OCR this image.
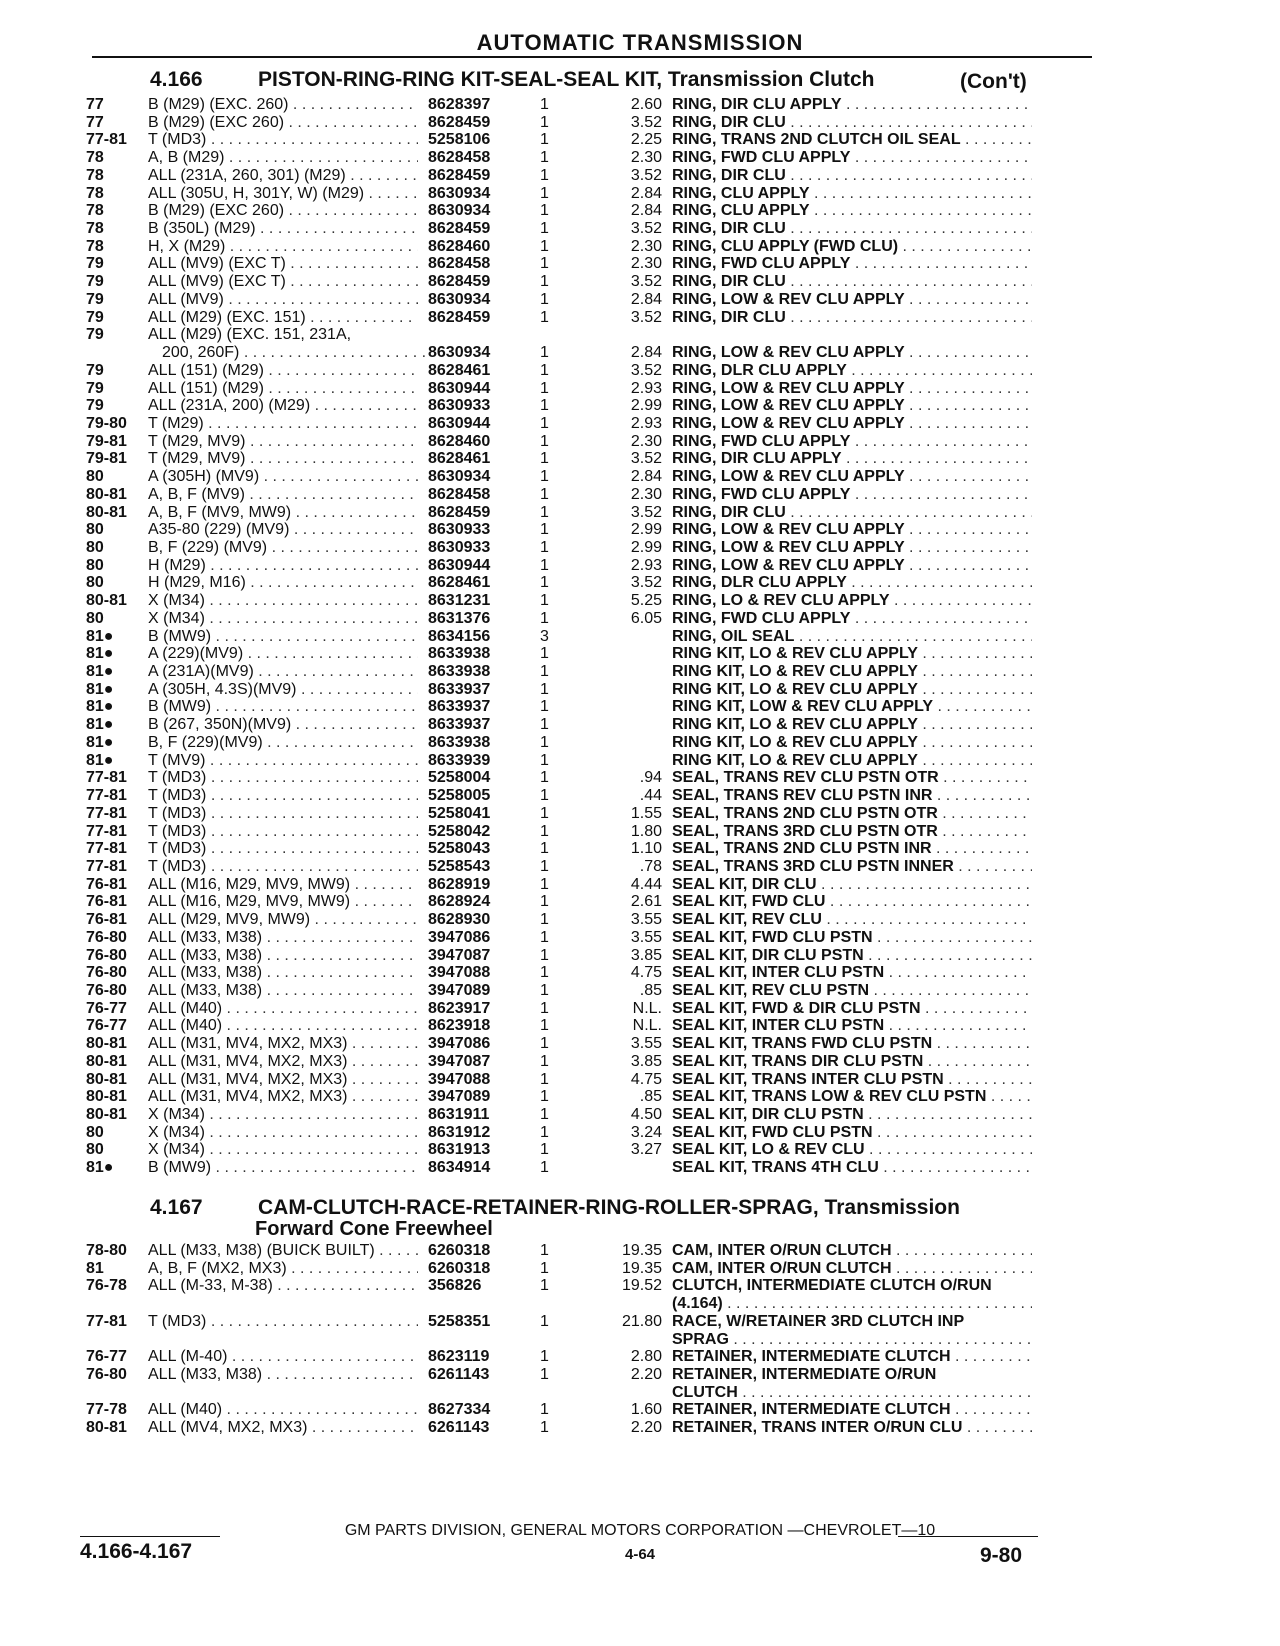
AUTOMATIC TRANSMISSION
4.166	PISTON-RING-RING KIT-SEAL-SEAL KIT, Transmission Clutch	(Con't)
4.167	CAM-CLUTCH-RACE-RETAINER-RING-ROLLER-SPRAG, Transmission
Forward Cone Freewheel
GM PARTS DIVISION, GENERAL MOTORS CORPORATION —CHEVROLET—10
4.166-4.167	4-64	9-80
77	B (M29) (EXC. 260) . . .	8628397	1	2.60 RING, DIR CLU APPLY . . .
77	B (M29) (EXC 260) . . .	8628459	1	3.52 RING, DIR CLU . . .
77-81 T (MD3) . . .	5258106	1	2.25 RING, TRANS 2ND CLUTCH OIL SEAL . . .
78	A, B (M29) . . .	8628458	1	2.30 RING, FWD CLU APPLY . . .
78	ALL (231A, 260, 301) (M29) . . .	8628459	1	3.52 RING, DIR CLU . . .
78	ALL (305U, H, 301Y, W) (M29) . . .	8630934	1	2.84 RING, CLU APPLY . . .
78	B (M29) (EXC 260) . . .	8630934	1	2.84 RING, CLU APPLY . . .
78	B (350L) (M29) . . .	8628459	1	3.52 RING, DIR CLU . . .
78	H, X (M29) . . .	8628460	1	2.30 RING, CLU APPLY (FWD CLU) . . .
79	ALL (MV9) (EXC T) . . .	8628458	1	2.30 RING, FWD CLU APPLY . . .
79	ALL (MV9) (EXC T) . . .	8628459	1	3.52 RING, DIR CLU . . .
79	ALL (MV9) . . .	8630934	1	2.84 RING, LOW & REV CLU APPLY . . .
79	ALL (M29) (EXC. 151) . . .	8628459	1	3.52 RING, DIR CLU . . .
79	ALL (M29) (EXC. 151, 231A,
200, 260F) . . .	8630934	1	2.84 RING, LOW & REV CLU APPLY . . .
79	ALL (151) (M29) . . .	8628461	1	3.52 RING, DLR CLU APPLY . . .
79	ALL (151) (M29) . . .	8630944	1	2.93 RING, LOW & REV CLU APPLY . . .
79	ALL (231A, 200) (M29) . . .	8630933	1	2.99 RING, LOW & REV CLU APPLY . . .
79-80 T (M29) . . .	8630944	1	2.93 RING, LOW & REV CLU APPLY . . .
79-81 T (M29, MV9) . . .	8628460	1	2.30 RING, FWD CLU APPLY . . .
79-81 T (M29, MV9) . . .	8628461	1	3.52 RING, DIR CLU APPLY . . .
80	A (305H) (MV9) . . .	8630934	1	2.84 RING, LOW & REV CLU APPLY . . .
80-81 A, B, F (MV9) . . .	8628458	1	2.30 RING, FWD CLU APPLY . . .
80-81 A, B, F (MV9, MW9) . . .	8628459	1	3.52 RING, DIR CLU . . .
80	A35-80 (229) (MV9) . . .	8630933	1	2.99 RING, LOW & REV CLU APPLY . . .
80	B, F (229) (MV9) . . .	8630933	1	2.99 RING, LOW & REV CLU APPLY . . .
80	H (M29) . . .	8630944	1	2.93 RING, LOW & REV CLU APPLY . . .
80	H (M29, M16) . . .	8628461	1	3.52 RING, DLR CLU APPLY . . .
80-81 X (M34) . . .	8631231	1	5.25 RING, LO & REV CLU APPLY . . .
80	X (M34) . . .	8631376	1	6.05 RING, FWD CLU APPLY . . .
81● B (MW9) . . .	8634156	3	RING, OIL SEAL . . .
81● A (229)(MV9) . . .	8633938	1	RING KIT, LO & REV CLU APPLY . . .
81● A (231A)(MV9) . . .	8633938	1	RING KIT, LO & REV CLU APPLY . . .
81● A (305H, 4.3S)(MV9) . . .	8633937	1	RING KIT, LO & REV CLU APPLY . . .
81● B (MW9) . . .	8633937	1	RING KIT, LOW & REV CLU APPLY . . .
81● B (267, 350N)(MV9) . . .	8633937	1	RING KIT, LO & REV CLU APPLY . . .
81● B, F (229)(MV9) . . .	8633938	1	RING KIT, LO & REV CLU APPLY . . .
81● T (MV9) . . .	8633939	1	RING KIT, LO & REV CLU APPLY . . .
77-81 T (MD3) . . .	5258004	1	.94 SEAL, TRANS REV CLU PSTN OTR . . .
77-81 T (MD3) . . .	5258005	1	.44 SEAL, TRANS REV CLU PSTN INR . . .
77-81 T (MD3) . . .	5258041	1	1.55 SEAL, TRANS 2ND CLU PSTN OTR . . .
77-81 T (MD3) . . .	5258042	1	1.80 SEAL, TRANS 3RD CLU PSTN OTR . . .
77-81 T (MD3) . . .	5258043	1	1.10 SEAL, TRANS 2ND CLU PSTN INR . . .
77-81 T (MD3) . . .	5258543	1	.78 SEAL, TRANS 3RD CLU PSTN INNER . . .
76-81 ALL (M16, M29, MV9, MW9) . . .	8628919	1	4.44 SEAL KIT, DIR CLU . . .
76-81 ALL (M16, M29, MV9, MW9) . . .	8628924	1	2.61 SEAL KIT, FWD CLU . . .
76-81 ALL (M29, MV9, MW9) . . .	8628930	1	3.55 SEAL KIT, REV CLU . . .
76-80 ALL (M33, M38) . . .	3947086	1	3.55 SEAL KIT, FWD CLU PSTN . . .
76-80 ALL (M33, M38) . . .	3947087	1	3.85 SEAL KIT, DIR CLU PSTN . . .
76-80 ALL (M33, M38) . . .	3947088	1	4.75 SEAL KIT, INTER CLU PSTN . . .
76-80 ALL (M33, M38) . . .	3947089	1	.85 SEAL KIT, REV CLU PSTN . . .
76-77 ALL (M40) . . .	8623917	1	N.L. SEAL KIT, FWD & DIR CLU PSTN . . .
76-77 ALL (M40) . . .	8623918	1	N.L. SEAL KIT, INTER CLU PSTN . . .
80-81 ALL (M31, MV4, MX2, MX3) . . .	3947086	1	3.55 SEAL KIT, TRANS FWD CLU PSTN . . .
80-81 ALL (M31, MV4, MX2, MX3) . . .	3947087	1	3.85 SEAL KIT, TRANS DIR CLU PSTN . . .
80-81 ALL (M31, MV4, MX2, MX3) . . .	3947088	1	4.75 SEAL KIT, TRANS INTER CLU PSTN . . .
80-81 ALL (M31, MV4, MX2, MX3) . . .	3947089	1	.85 SEAL KIT, TRANS LOW & REV CLU PSTN . . .
80-81 X (M34) . . .	8631911	1	4.50 SEAL KIT, DIR CLU PSTN . . .
80	X (M34) . . .	8631912	1	3.24 SEAL KIT, FWD CLU PSTN . . .
80	X (M34) . . .	8631913	1	3.27 SEAL KIT, LO & REV CLU . . .
81● B (MW9) . . .	8634914	1	SEAL KIT, TRANS 4TH CLU . . .
78-80 ALL (M33, M38) (BUICK BUILT) . . .	6260318	1	19.35 CAM, INTER O/RUN CLUTCH . . .
81	A, B, F (MX2, MX3) . . .	6260318	1	19.35 CAM, INTER O/RUN CLUTCH . . .
76-78 ALL (M-33, M-38) . . .	356826	1	19.52 CLUTCH, INTERMEDIATE CLUTCH O/RUN
(4.164) . . .
77-81 T (MD3) . . .	5258351	1	21.80 RACE, W/RETAINER 3RD CLUTCH INP
SPRAG . . .
76-77 ALL (M-40) . . .	8623119	1	2.80 RETAINER, INTERMEDIATE CLUTCH . . .
76-80 ALL (M33, M38) . . .	6261143	1	2.20 RETAINER, INTERMEDIATE O/RUN
CLUTCH . . .
77-78 ALL (M40) . . .	8627334	1	1.60 RETAINER, INTERMEDIATE CLUTCH . . .
80-81 ALL (MV4, MX2, MX3) . . .	6261143	1	2.20 RETAINER, TRANS INTER O/RUN CLU . . .
